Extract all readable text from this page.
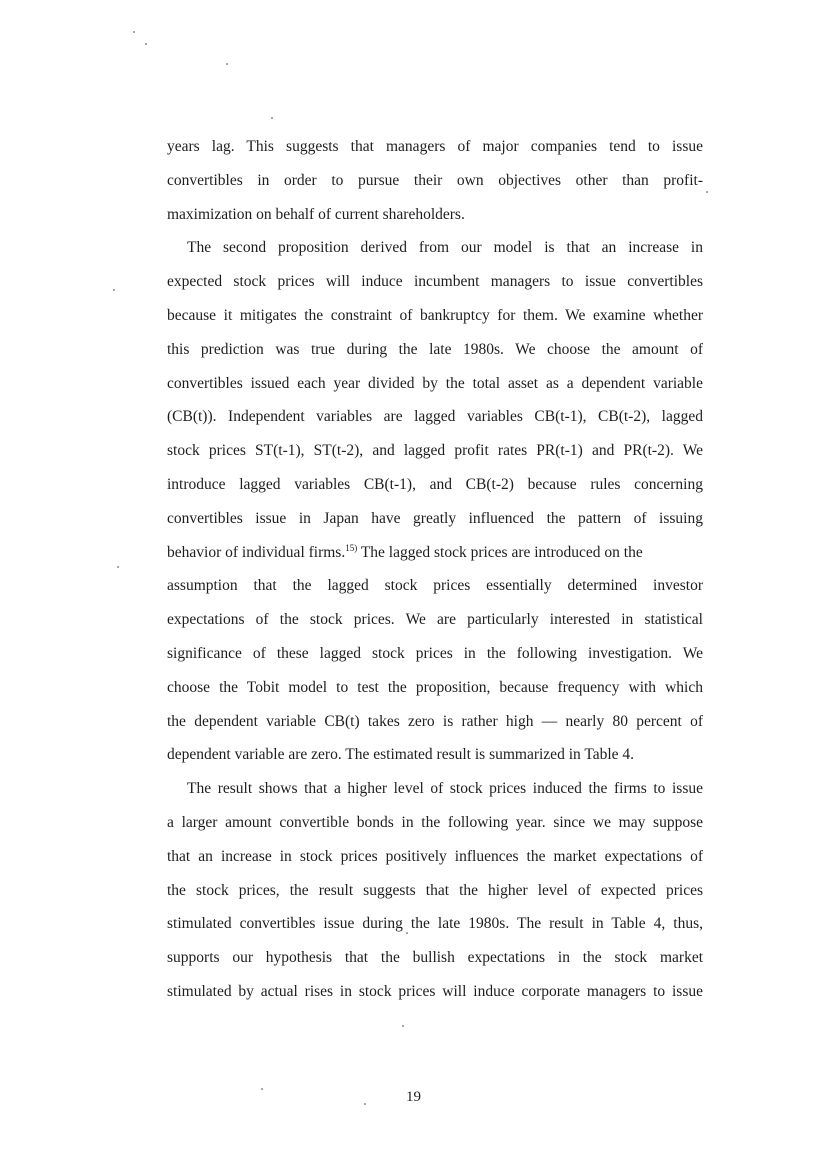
years lag. This suggests that managers of major companies tend to issue
convertibles in order to pursue their own objectives other than profit-
maximization on behalf of current shareholders.
The second proposition derived from our model is that an increase in
expected stock prices will induce incumbent managers to issue convertibles
because it mitigates the constraint of bankruptcy for them. We examine whether
this prediction was true during the late 1980s. We choose the amount of
convertibles issued each year divided by the total asset as a dependent variable
(CB(t)). Independent variables are lagged variables CB(t-1), CB(t-2), lagged
stock prices ST(t-1), ST(t-2), and lagged profit rates PR(t-1) and PR(t-2). We
introduce lagged variables CB(t-1), and CB(t-2) because rules concerning
convertibles issue in Japan have greatly influenced the pattern of issuing
behavior of individual firms.$^{15)}$ The lagged stock prices are introduced on the
assumption that the lagged stock prices essentially determined investor
expectations of the stock prices. We are particularly interested in statistical
significance of these lagged stock prices in the following investigation. We
choose the Tobit model to test the proposition, because frequency with which
the dependent variable CB(t) takes zero is rather high — nearly 80 percent of
dependent variable are zero. The estimated result is summarized in Table 4.
The result shows that a higher level of stock prices induced the firms to issue
a larger amount convertible bonds in the following year. since we may suppose
that an increase in stock prices positively influences the market expectations of
the stock prices, the result suggests that the higher level of expected prices
stimulated convertibles issue during the late 1980s. The result in Table 4, thus,
supports our hypothesis that the bullish expectations in the stock market
stimulated by actual rises in stock prices will induce corporate managers to issue
19
